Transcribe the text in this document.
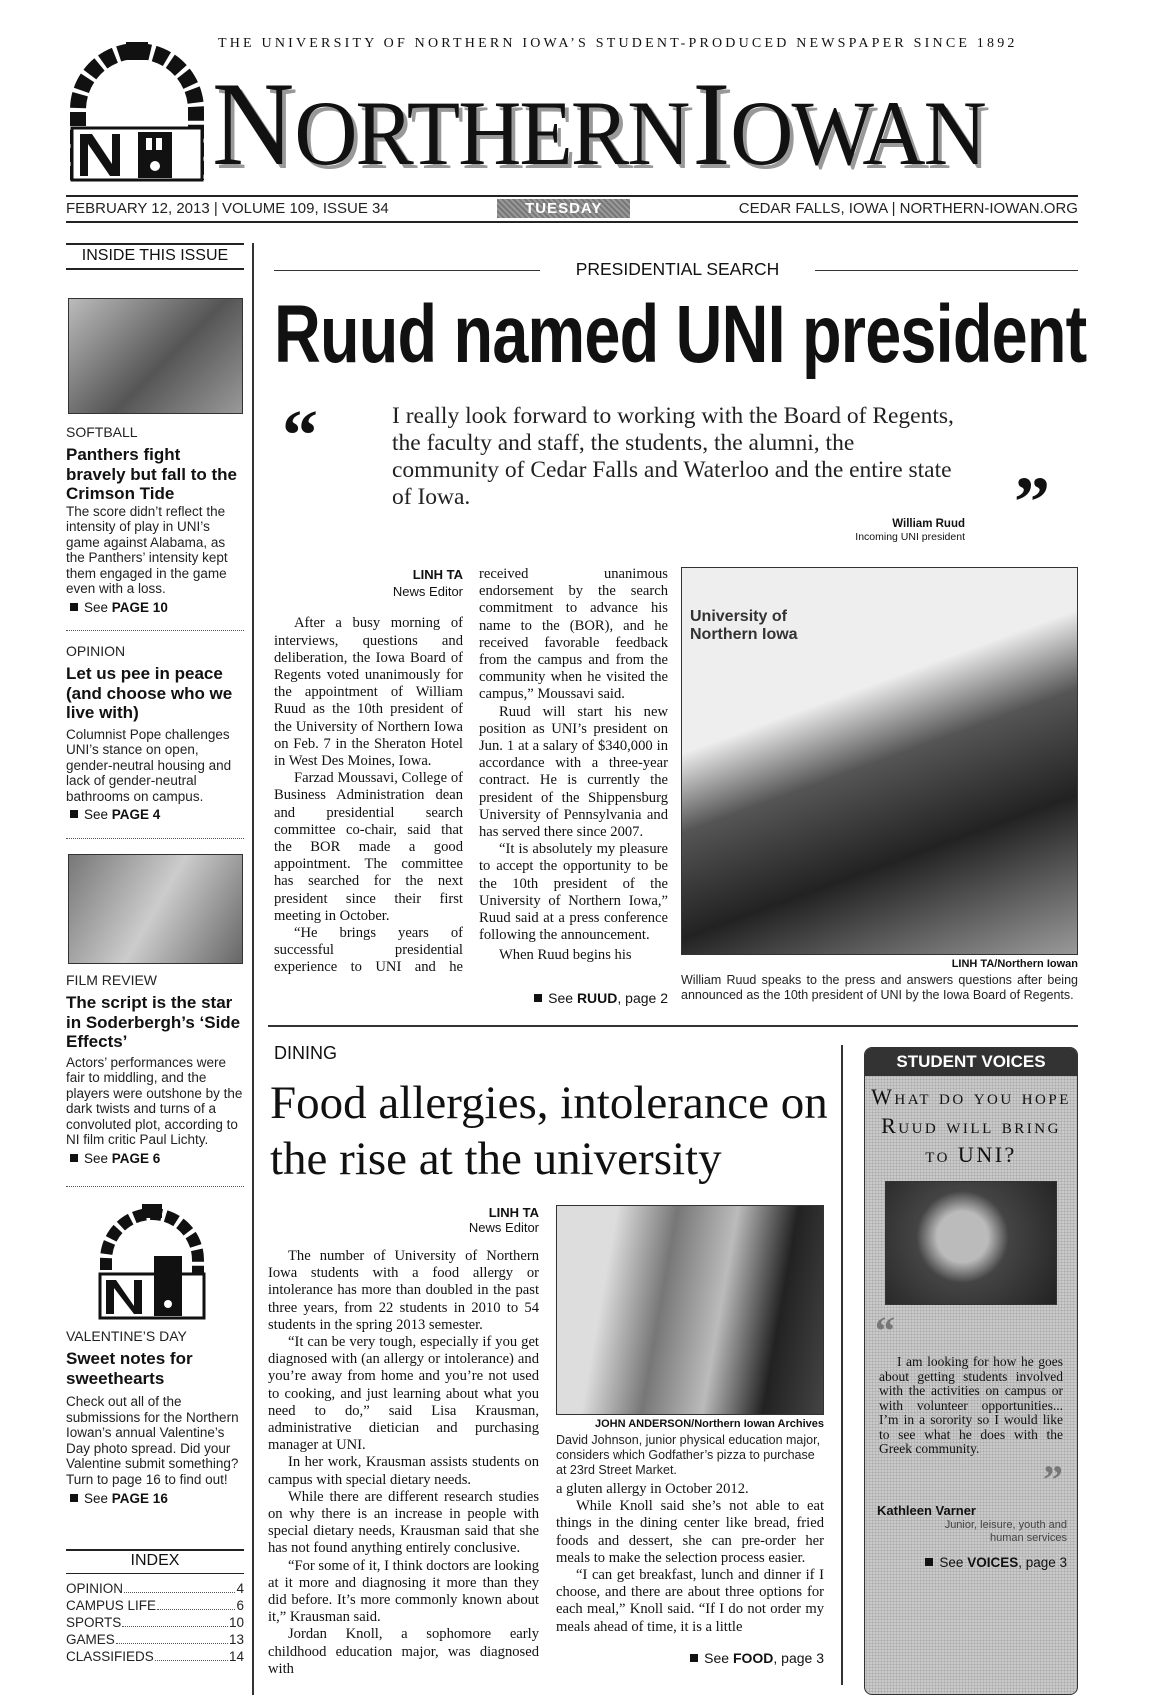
THE UNIVERSITY OF NORTHERN IOWA’S STUDENT-PRODUCED NEWSPAPER SINCE 1892
NORTHERN IOWAN
FEBRUARY 12, 2013 | VOLUME 109, ISSUE 34	TUESDAY	CEDAR FALLS, IOWA | NORTHERN-IOWAN.ORG
INSIDE THIS ISSUE
SOFTBALL
Panthers fight bravely but fall to the Crimson Tide
The score didn’t reflect the intensity of play in UNI’s game against Alabama, as the Panthers’ intensity kept them engaged in the game even with a loss.
See PAGE 10
OPINION
Let us pee in peace (and choose who we live with)
Columnist Pope challenges UNI’s stance on open, gender-neutral housing and lack of gender-neutral bathrooms on campus.
See PAGE 4
FILM REVIEW
The script is the star in Soderbergh’s ‘Side Effects’
Actors’ performances were fair to middling, and the players were outshone by the dark twists and turns of a convoluted plot, according to NI film critic Paul Lichty.
See PAGE 6
VALENTINE’S DAY
Sweet notes for sweethearts
Check out all of the submissions for the Northern Iowan’s annual Valentine’s Day photo spread. Did your Valentine submit something? Turn to page 16 to find out!
See PAGE 16
INDEX
OPINION	4
CAMPUS LIFE	6
SPORTS	10
GAMES	13
CLASSIFIEDS	14
PRESIDENTIAL SEARCH
Ruud named UNI president
“	I really look forward to working with the Board of Regents, the faculty and staff, the students, the alumni, the community of Cedar Falls and Waterloo and the entire state of Iowa.
William Ruud
Incoming UNI president ”
LINH TA
News Editor

After a busy morning of interviews, questions and deliberation, the Iowa Board of Regents voted unanimously for the appointment of William Ruud as the 10th president of the University of Northern Iowa on Feb. 7 in the Sheraton Hotel in West Des Moines, Iowa.

Farzad Moussavi, College of Business Administration dean and presidential search committee co-chair, said that the BOR made a good appointment. The committee has searched for the next president since their first meeting in October.

“He brings years of successful presidential experience to UNI and he received unanimous endorsement by the search commitment to advance his name to the (BOR), and he received favorable feedback from the campus and from the community when he visited the campus,” Moussavi said.

Ruud will start his new position as UNI’s president on Jun. 1 at a salary of $340,000 in accordance with a three-year contract. He is currently the president of the Shippensburg University of Pennsylvania and has served there since 2007.

“It is absolutely my pleasure to accept the opportunity to be the 10th president of the University of Northern Iowa,” Ruud said at a press conference following the announcement.

When Ruud begins his

See RUUD, page 2
University of Northern Iowa
LINH TA/Northern Iowan
William Ruud speaks to the press and answers questions after being announced as the 10th president of UNI by the Iowa Board of Regents.
DINING
Food allergies, intolerance on the rise at the university
LINH TA
News Editor

The number of University of Northern Iowa students with a food allergy or intolerance has more than doubled in the past three years, from 22 students in 2010 to 54 students in the spring 2013 semester.

“It can be very tough, especially if you get diagnosed with (an allergy or intolerance) and you’re away from home and you’re not used to cooking, and just learning about what you need to do,” said Lisa Krausman, administrative dietician and purchasing manager at UNI.

In her work, Krausman assists students on campus with special dietary needs.

While there are different research studies on why there is an increase in people with special dietary needs, Krausman said that she has not found anything entirely conclusive.

“For some of it, I think doctors are looking at it more and diagnosing it more than they did before. It’s more commonly known about it,” Krausman said.

Jordan Knoll, a sophomore early childhood education major, was diagnosed with

JOHN ANDERSON/Northern Iowan Archives
David Johnson, junior physical education major, considers which Godfather’s pizza to purchase at 23rd Street Market.

a gluten allergy in October 2012.

While Knoll said she’s not able to eat things in the dining center like bread, fried foods and dessert, she can pre-order her meals to make the selection process easier.

“I can get breakfast, lunch and dinner if I choose, and there are about three options for each meal,” Knoll said. “If I do not order my meals ahead of time, it is a little

See FOOD, page 3
STUDENT VOICES
What do you hope Ruud will bring to UNI?
“
I am looking for how he goes about getting students involved with the activities on campus or with volunteer opportunities... I’m in a sorority so I would like to see what he does with the Greek community.
”
Kathleen Varner
Junior, leisure, youth and human services
See VOICES, page 3
